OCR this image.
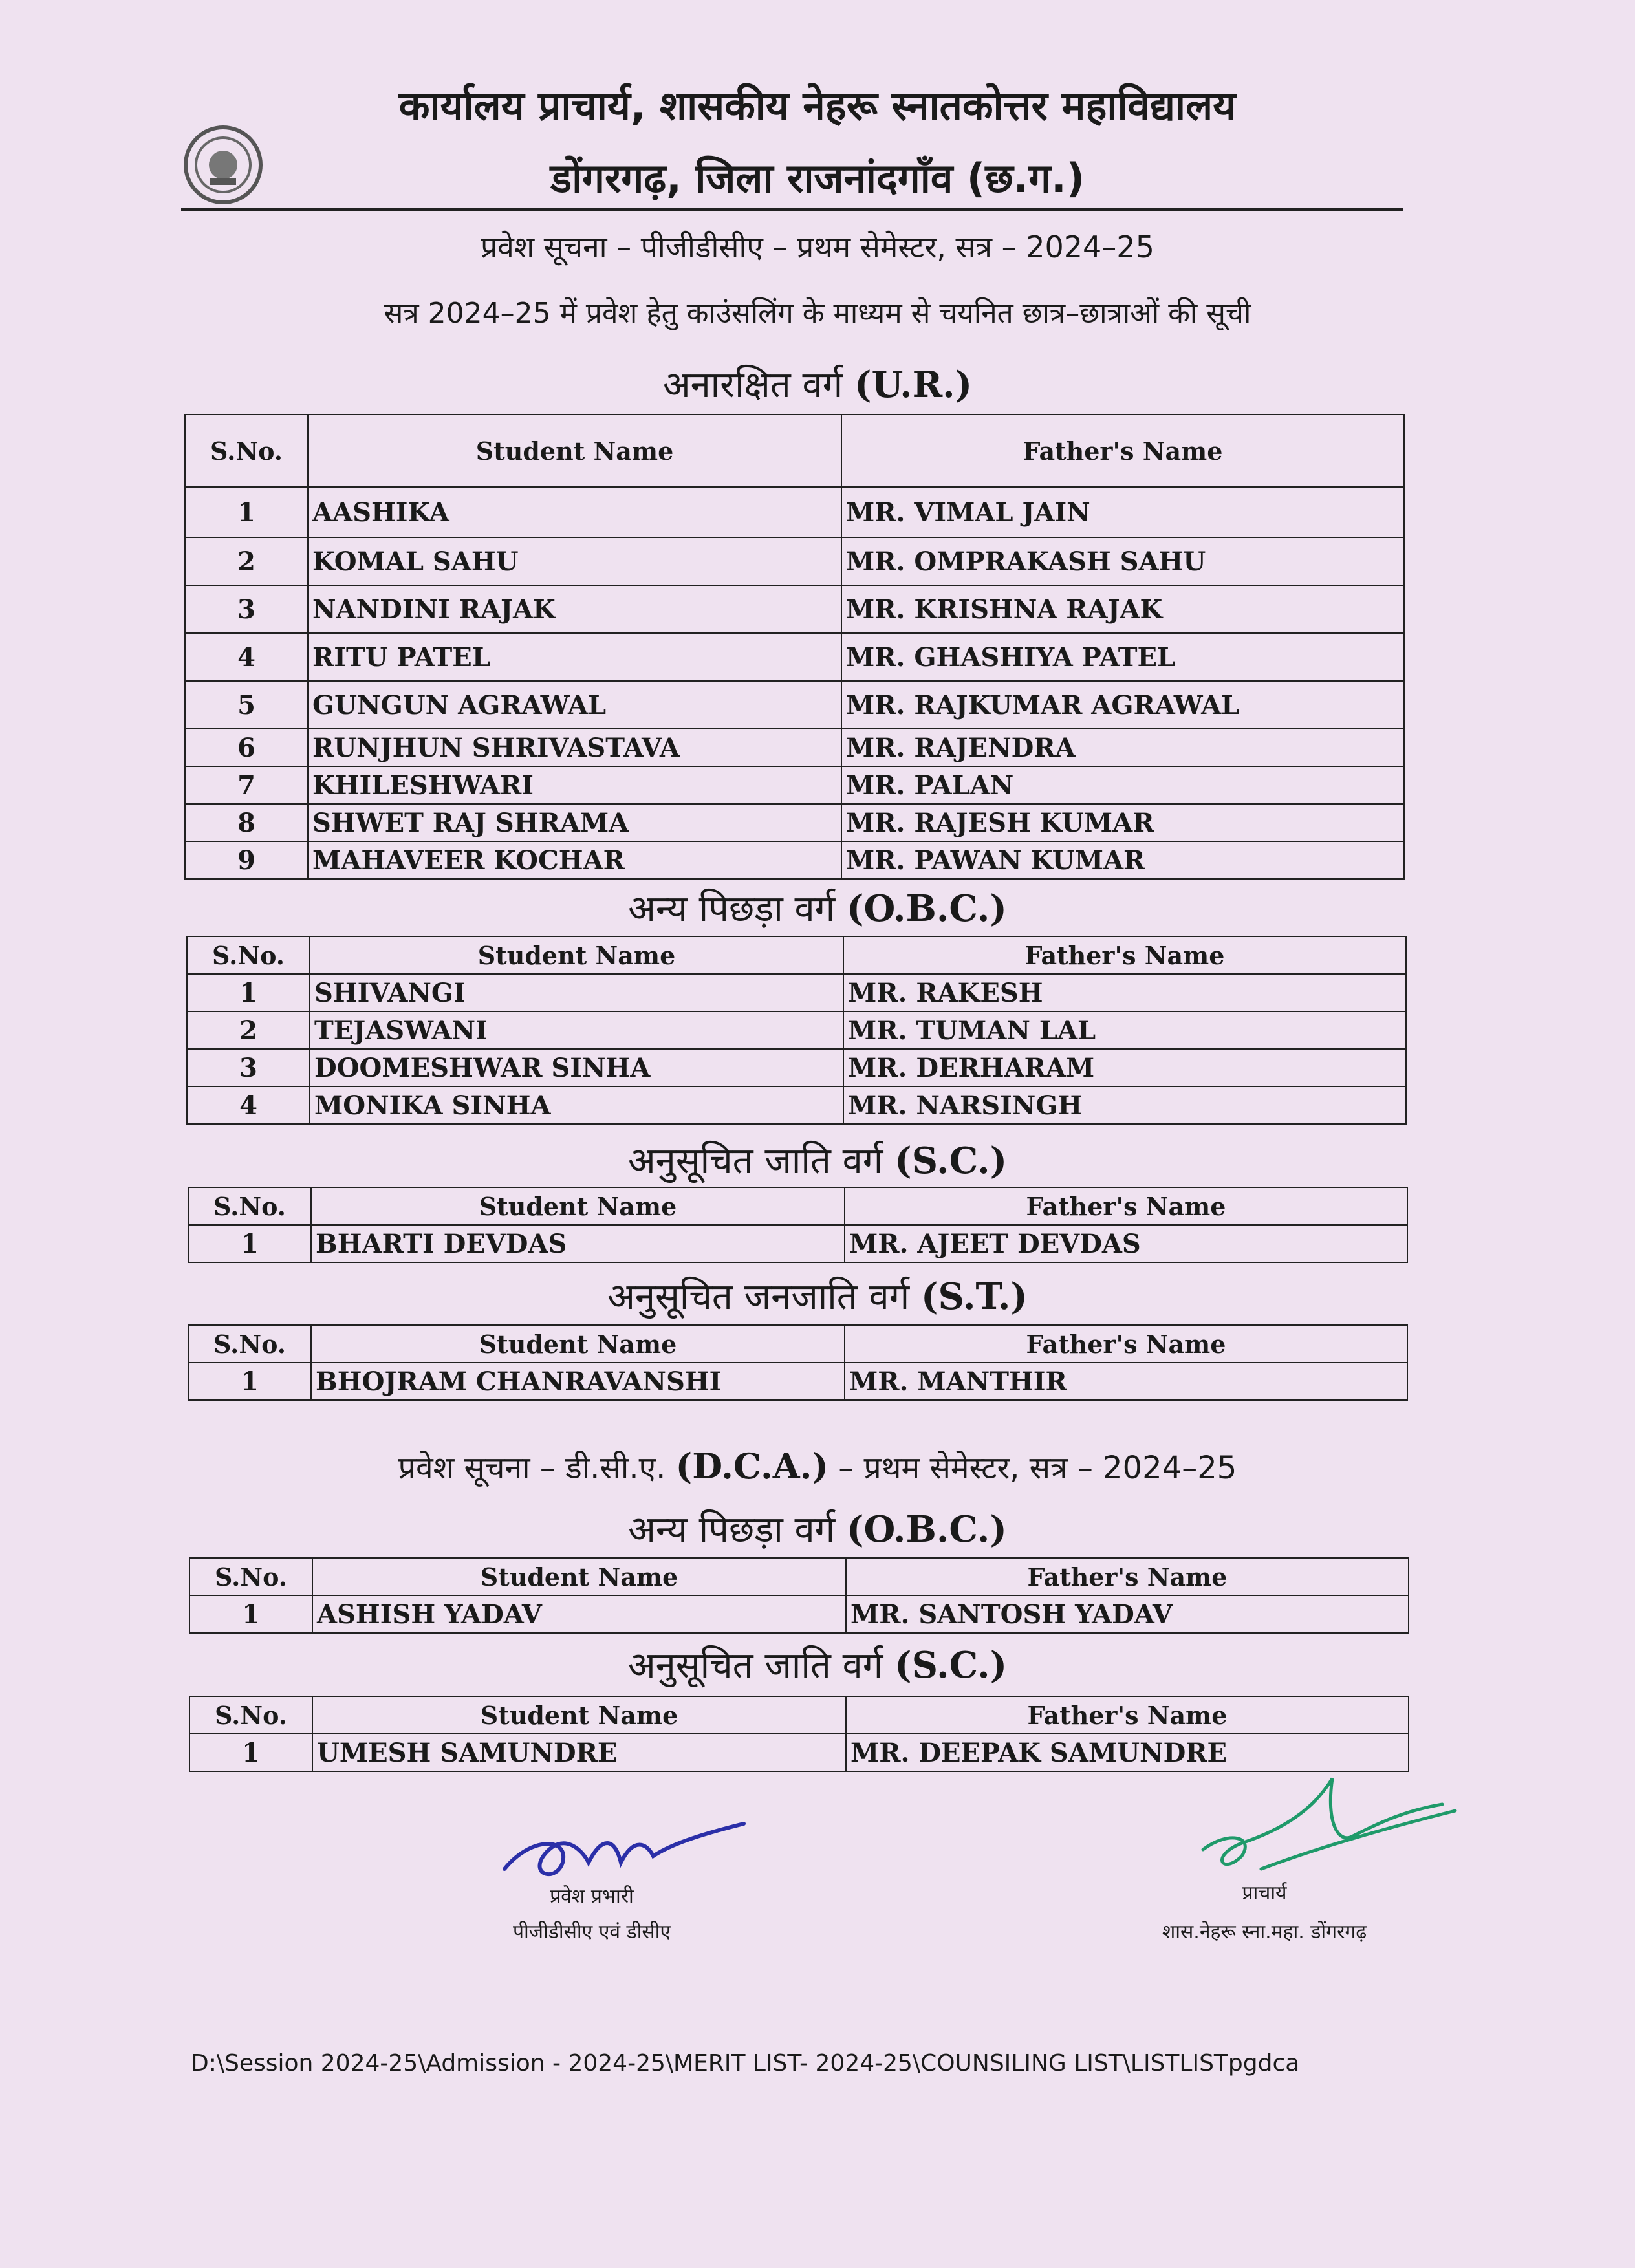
कार्यालय प्राचार्य, शासकीय नेहरू स्नातकोत्तर महाविद्यालय
डोंगरगढ़, जिला राजनांदगाँव (छ.ग.)
प्रवेश सूचना – पीजीडीसीए – प्रथम सेमेस्टर, सत्र – 2024–25
सत्र 2024–25 में प्रवेश हेतु काउंसलिंग के माध्यम से चयनित छात्र–छात्राओं की सूची
अनारक्षित वर्ग (U.R.)
S.No.	Student Name	Father's Name
1	AASHIKA	MR. VIMAL JAIN
2	KOMAL SAHU	MR. OMPRAKASH SAHU
3	NANDINI RAJAK	MR. KRISHNA RAJAK
4	RITU PATEL	MR. GHASHIYA PATEL
5	GUNGUN AGRAWAL	MR. RAJKUMAR AGRAWAL
6	RUNJHUN SHRIVASTAVA	MR. RAJENDRA
7	KHILESHWARI	MR. PALAN
8	SHWET RAJ SHRAMA	MR. RAJESH KUMAR
9	MAHAVEER KOCHAR	MR. PAWAN KUMAR
अन्य पिछड़ा वर्ग (O.B.C.)
S.No.	Student Name	Father's Name
1	SHIVANGI	MR. RAKESH
2	TEJASWANI	MR. TUMAN LAL
3	DOOMESHWAR SINHA	MR. DERHARAM
4	MONIKA SINHA	MR. NARSINGH
अनुसूचित जाति वर्ग (S.C.)
S.No.	Student Name	Father's Name
1	BHARTI DEVDAS	MR. AJEET DEVDAS
अनुसूचित जनजाति वर्ग (S.T.)
S.No.	Student Name	Father's Name
1	BHOJRAM CHANRAVANSHI	MR. MANTHIR
प्रवेश सूचना – डी.सी.ए. (D.C.A.) – प्रथम सेमेस्टर, सत्र – 2024–25
अन्य पिछड़ा वर्ग (O.B.C.)
S.No.	Student Name	Father's Name
1	ASHISH YADAV	MR. SANTOSH YADAV
अनुसूचित जाति वर्ग (S.C.)
S.No.	Student Name	Father's Name
1	UMESH SAMUNDRE	MR. DEEPAK SAMUNDRE
प्रवेश प्रभारी
पीजीडीसीए एवं डीसीए
प्राचार्य
शास.नेहरू स्ना.महा. डोंगरगढ़
D:\Session 2024-25\Admission - 2024-25\MERIT LIST- 2024-25\COUNSILING LIST\LISTLISTpgdca
